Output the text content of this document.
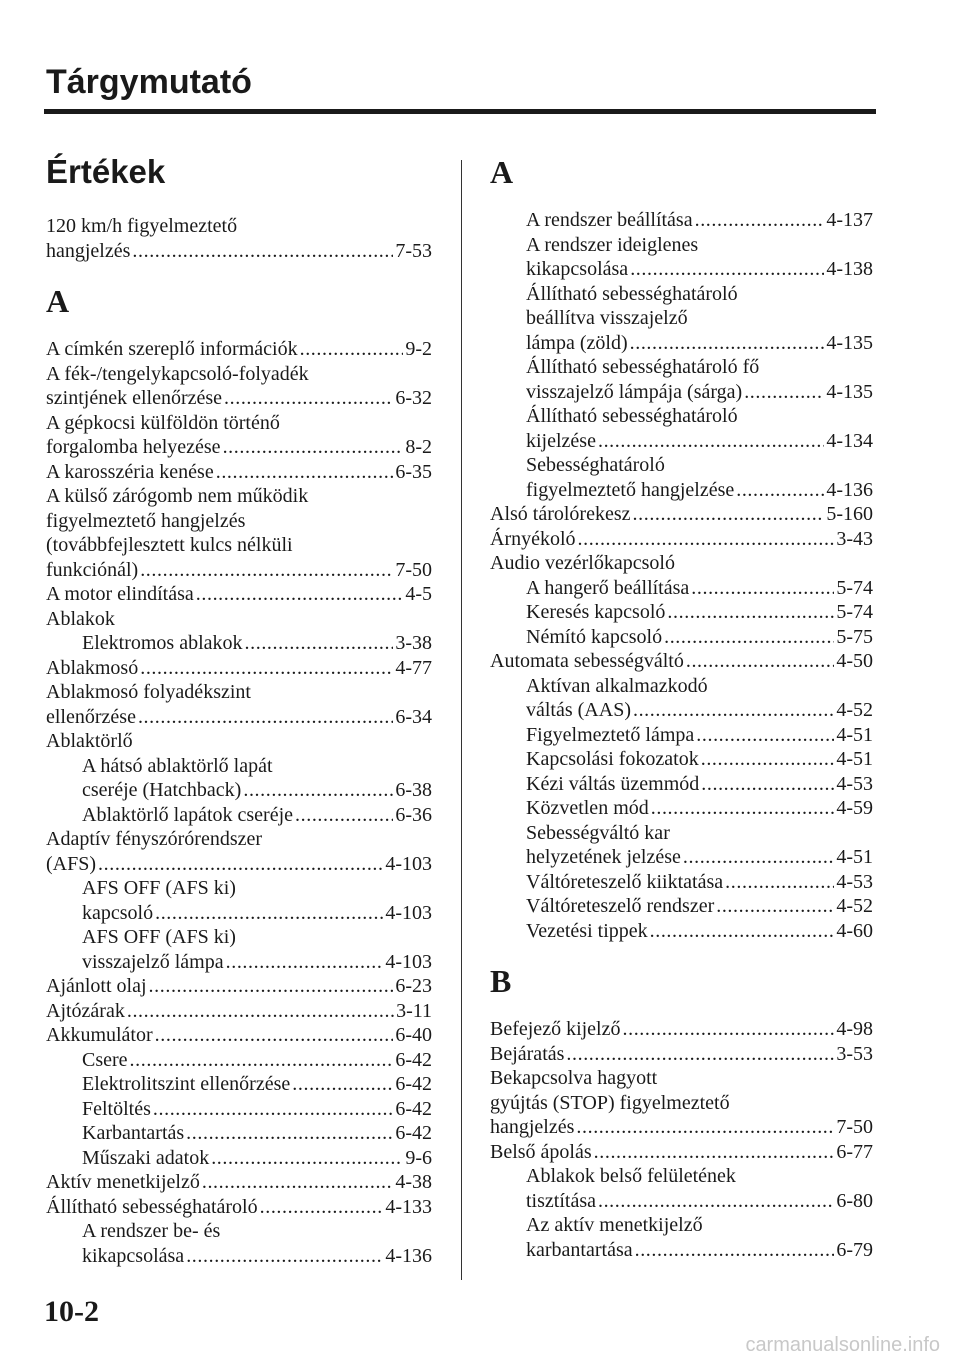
Tárgymutató
Értékek
120 km/h figyelmeztető
hangjelzés . . .	7-53
A
A címkén szereplő információk . . .	9-2
A fék-/tengelykapcsoló-folyadék
szintjének ellenőrzése . . .	6-32
A gépkocsi külföldön történő
forgalomba helyezése . . .	8-2
A karosszéria kenése . . .	6-35
A külső zárógomb nem működik
figyelmeztető hangjelzés
(továbbfejlesztett kulcs nélküli
funkciónál) . . .	7-50
A motor elindítása . . .	4-5
Ablakok
Elektromos ablakok . . .	3-38
Ablakmosó . . .	4-77
Ablakmosó folyadékszint
ellenőrzése . . .	6-34
Ablaktörlő
A hátsó ablaktörlő lapát
cseréje (Hatchback) . . .	6-38
Ablaktörlő lapátok cseréje . . .	6-36
Adaptív fényszórórendszer
(AFS) . . .	4-103
AFS OFF (AFS ki)
kapcsoló . . .	4-103
AFS OFF (AFS ki)
visszajelző lámpa . . .	4-103
Ajánlott olaj . . .	6-23
Ajtózárak . . .	3-11
Akkumulátor . . .	6-40
Csere . . .	6-42
Elektrolitszint ellenőrzése . . .	6-42
Feltöltés . . .	6-42
Karbantartás . . .	6-42
Műszaki adatok . . .	9-6
Aktív menetkijelző . . .	4-38
Állítható sebességhatároló . . .	4-133
A rendszer be- és
kikapcsolása . . .	4-136
A
A rendszer beállítása . . .	4-137
A rendszer ideiglenes
kikapcsolása . . .	4-138
Állítható sebességhatároló
beállítva visszajelző
lámpa (zöld) . . .	4-135
Állítható sebességhatároló fő
visszajelző lámpája (sárga) . . .	4-135
Állítható sebességhatároló
kijelzése . . .	4-134
Sebességhatároló
figyelmeztető hangjelzése . . .	4-136
Alsó tárolórekesz . . .	5-160
Árnyékoló . . .	3-43
Audio vezérlőkapcsoló
A hangerő beállítása . . .	5-74
Keresés kapcsoló . . .	5-74
Némító kapcsoló . . .	5-75
Automata sebességváltó . . .	4-50
Aktívan alkalmazkodó
váltás (AAS) . . .	4-52
Figyelmeztető lámpa . . .	4-51
Kapcsolási fokozatok . . .	4-51
Kézi váltás üzemmód . . .	4-53
Közvetlen mód . . .	4-59
Sebességváltó kar
helyzetének jelzése . . .	4-51
Váltóreteszelő kiiktatása . . .	4-53
Váltóreteszelő rendszer . . .	4-52
Vezetési tippek . . .	4-60
B
Befejező kijelző . . .	4-98
Bejáratás . . .	3-53
Bekapcsolva hagyott
gyújtás (STOP) figyelmeztető
hangjelzés . . .	7-50
Belső ápolás . . .	6-77
Ablakok belső felületének
tisztítása . . .	6-80
Az aktív menetkijelző
karbantartása . . .	6-79
10-2
carmanualsonline.info
